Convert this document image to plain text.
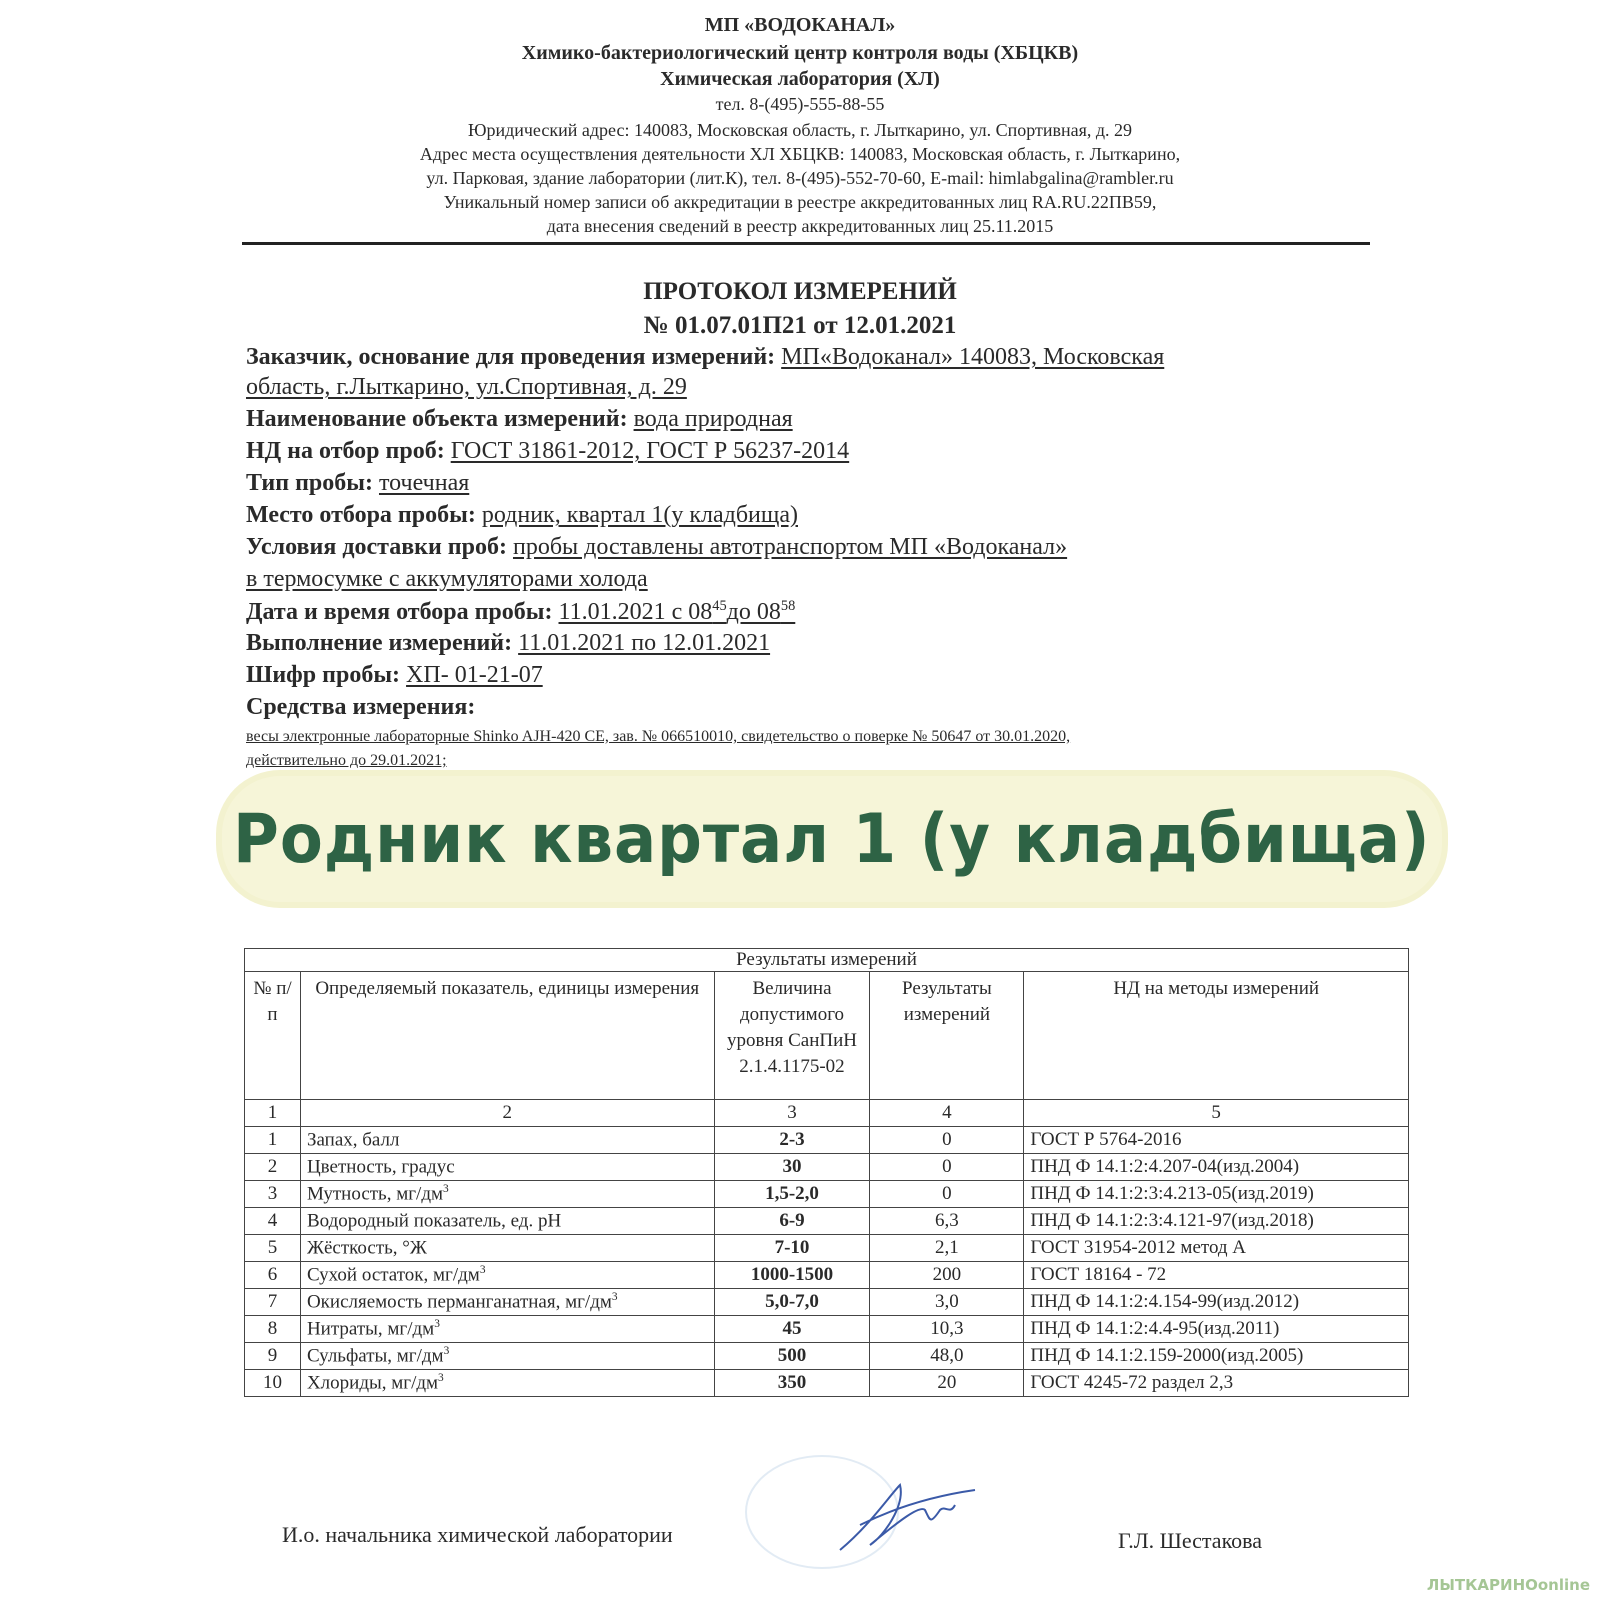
МП «ВОДОКАНАЛ»
Химико-бактериологический центр контроля воды (ХБЦКВ)
Химическая лаборатория (ХЛ)
тел. 8-(495)-555-88-55
Юридический адрес: 140083, Московская область, г. Лыткарино, ул. Спортивная, д. 29
Адрес места осуществления деятельности ХЛ ХБЦКВ: 140083, Московская область, г. Лыткарино,
ул. Парковая, здание лаборатории (лит.К), тел. 8-(495)-552-70-60, E-mail: himlabgalina@rambler.ru
Уникальный номер записи об аккредитации в реестре аккредитованных лиц RA.RU.22ПВ59,
дата внесения сведений в реестр аккредитованных лиц 25.11.2015
ПРОТОКОЛ ИЗМЕРЕНИЙ
№ 01.07.01П21 от 12.01.2021
Заказчик, основание для проведения измерений: МП«Водоканал» 140083, Московская
область, г.Лыткарино, ул.Спортивная, д. 29
Наименование объекта измерений: вода природная
НД на отбор проб: ГОСТ 31861-2012, ГОСТ Р 56237-2014
Тип пробы: точечная
Место отбора пробы: родник, квартал 1(у кладбища)
Условия доставки проб: пробы доставлены автотранспортом МП «Водоканал»
в термосумке с аккумуляторами холода
Дата и время отбора пробы: 11.01.2021 с $08^{45}до$ $08^{58}$
Выполнение измерений: 11.01.2021 по 12.01.2021
Шифр пробы: ХП- 01-21-07
Средства измерения:
весы электронные лабораторные Shinko AJH-420 CE, зав. № 066510010, свидетельство о поверке № 50647 от 30.01.2020,
действительно до 29.01.2021;
Родник квартал 1 (у кладбища)
Результаты измерений				
№ п/п	Определяемый показатель, единицы измерения	Величина допустимого уровня СанПиН 2.1.4.1175-02	Результаты измерений	НД на методы измерений
1	2	3	4	5
1	Запах, балл	2-3	0	ГОСТ Р 5764-2016
2	Цветность, градус	30	0	ПНД Ф 14.1:2:4.207-04(изд.2004)
3	Мутность, $мг/дм^3$	1,5-2,0	0	ПНД Ф 14.1:2:3:4.213-05(изд.2019)
4	Водородный показатель, ед. pH	6-9	6,3	ПНД Ф 14.1:2:3:4.121-97(изд.2018)
5	Жёсткость, °Ж	7-10	2,1	ГОСТ 31954-2012 метод А
6	Сухой остаток, $мг/дм^3$	1000-1500	200	ГОСТ 18164 - 72
7	Окисляемость перманганатная, $мг/дм^3$	5,0-7,0	3,0	ПНД Ф 14.1:2:4.154-99(изд.2012)
8	Нитраты, $мг/дм^3$	45	10,3	ПНД Ф 14.1:2:4.4-95(изд.2011)
9	Сульфаты, $мг/дм^3$	500	48,0	ПНД Ф 14.1:2.159-2000(изд.2005)
10	Хлориды, $мг/дм^3$	350	20	ГОСТ 4245-72 раздел 2,3
И.о. начальника химической лаборатории	Г.Л. Шестакова
ЛЫТКАРИНОonline
